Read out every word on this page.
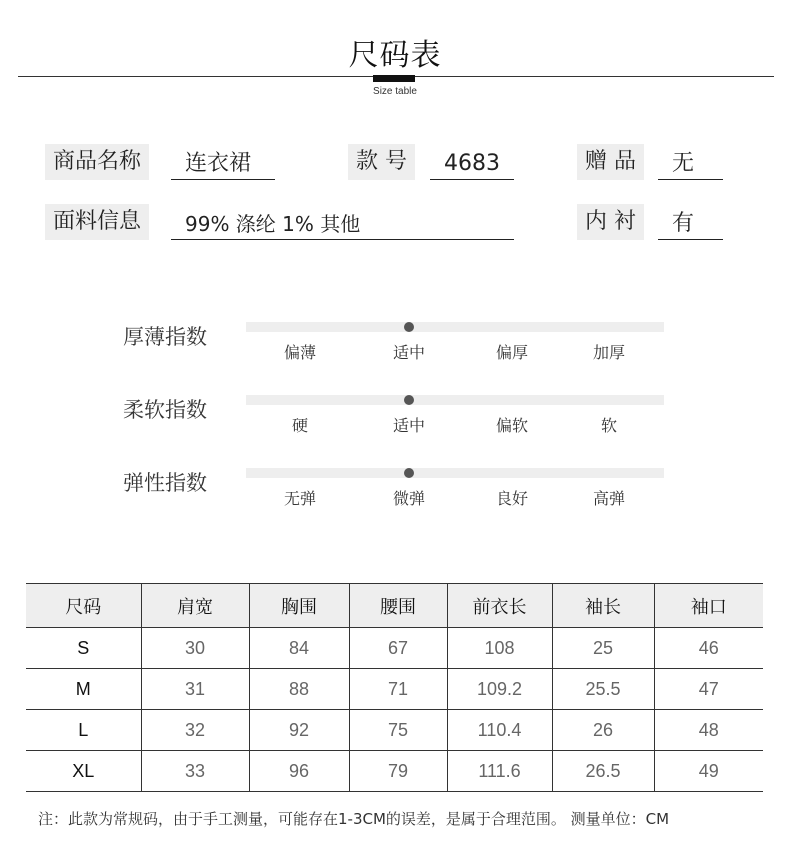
尺码表
Size table
商品名称	连衣裙	款 号	4683	赠 品	无
面料信息	99% 涤纶 1% 其他	内 衬	有
厚薄指数
偏薄	适中	偏厚	加厚
柔软指数
硬	适中	偏软	软
弹性指数
无弹	微弹	良好	高弹
尺码	肩宽	胸围	腰围	前衣长	袖长	袖口
S	30	84	67	108	25	46
M	31	88	71	109.2	25.5	47
L	32	92	75	110.4	26	48
XL	33	96	79	111.6	26.5	49
注：此款为常规码，由于手工测量，可能存在1-3CM的误差，是属于合理范围。 测量单位：CM
